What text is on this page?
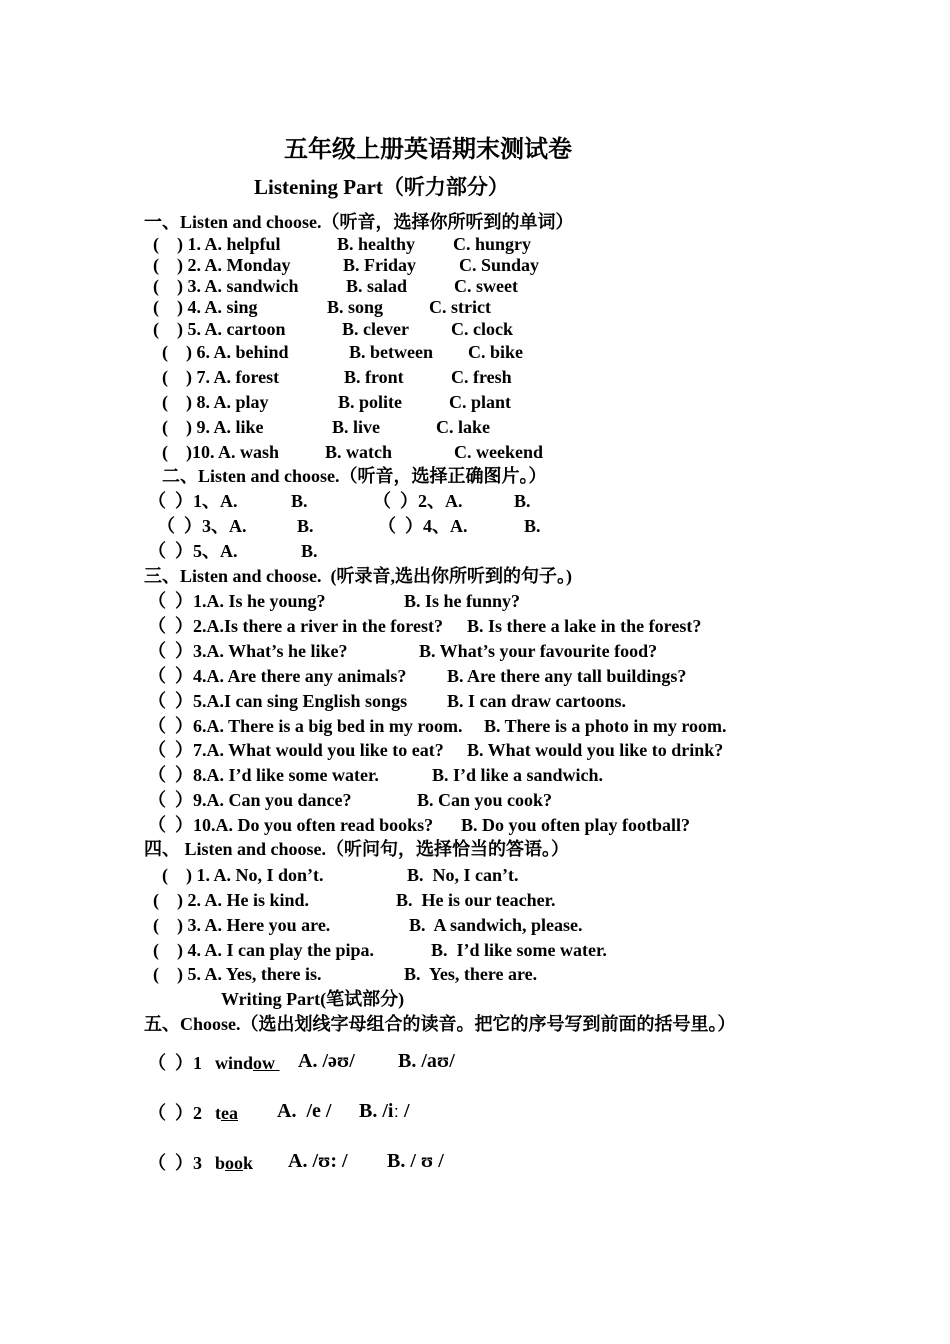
五年级上册英语期末测试卷
Listening Part（听力部分）
一、Listen and choose.（听音，选择你所听到的单词）
(    ) 1. A. helpful	B. healthy C. hungry
(    ) 2. A. Monday	B. Friday C. Sunday
(    ) 3. A. sandwich	B. salad	C. sweet
(    ) 4. A. sing	B. song	C. strict
(    ) 5. A. cartoon	B. clever C. clock
(    ) 6. A. behind	B. between C. bike
(    ) 7. A. forest	B. front	C. fresh
(    ) 8. A. play	B. polite	C. plant
(    ) 9. A. like	B. live	C. lake
(    )10. A. wash	B. watch	C. weekend
二、Listen and choose.（听音，选择正确图片。）
（  ）1、A.	B.	（  ）2、A.	B.
（  ）3、A.	B.	（  ）4、A.	B.
（  ）5、A.	B.
三、Listen and choose.  (听录音,选出你所听到的句子。)
（  ）1.A. Is he young?	B. Is he funny?
（  ）2.A.Is there a river in the forest? B. Is there a lake in the forest?
（  ）3.A. What’s he like?	B. What’s your favourite food?
（  ）4.A. Are there any animals? B. Are there any tall buildings?
（  ）5.A.I can sing English songs B. I can draw cartoons.
（  ）6.A. There is a big bed in my room. B. There is a photo in my room.
（  ）7.A. What would you like to eat? B. What would you like to drink?
（  ）8.A. I’d like some water.	B. I’d like a sandwich.
（  ）9.A. Can you dance?	B. Can you cook?
（  ）10.A. Do you often read books? B. Do you often play football?
四、 Listen and choose.（听问句，选择恰当的答语。）
(    ) 1. A. No, I don’t.	B.  No, I can’t.
(    ) 2. A. He is kind.	B.  He is our teacher.
(    ) 3. A. Here you are.	B.  A sandwich, please.
(    ) 4. A. I can play the pipa.	B.  I’d like some water.
(    ) 5. A. Yes, there is.	B.  Yes, there are.
Writing Part(笔试部分)
五、Choose.（选出划线字母组合的读音。把它的序号写到前面的括号里。）
（  ）1 window A. /əʊ/ B. /aʊ/
（  ）2 tea A.  /e / B. /iː /
（  ）3 book A. /ʊ: / B. / ʊ /
